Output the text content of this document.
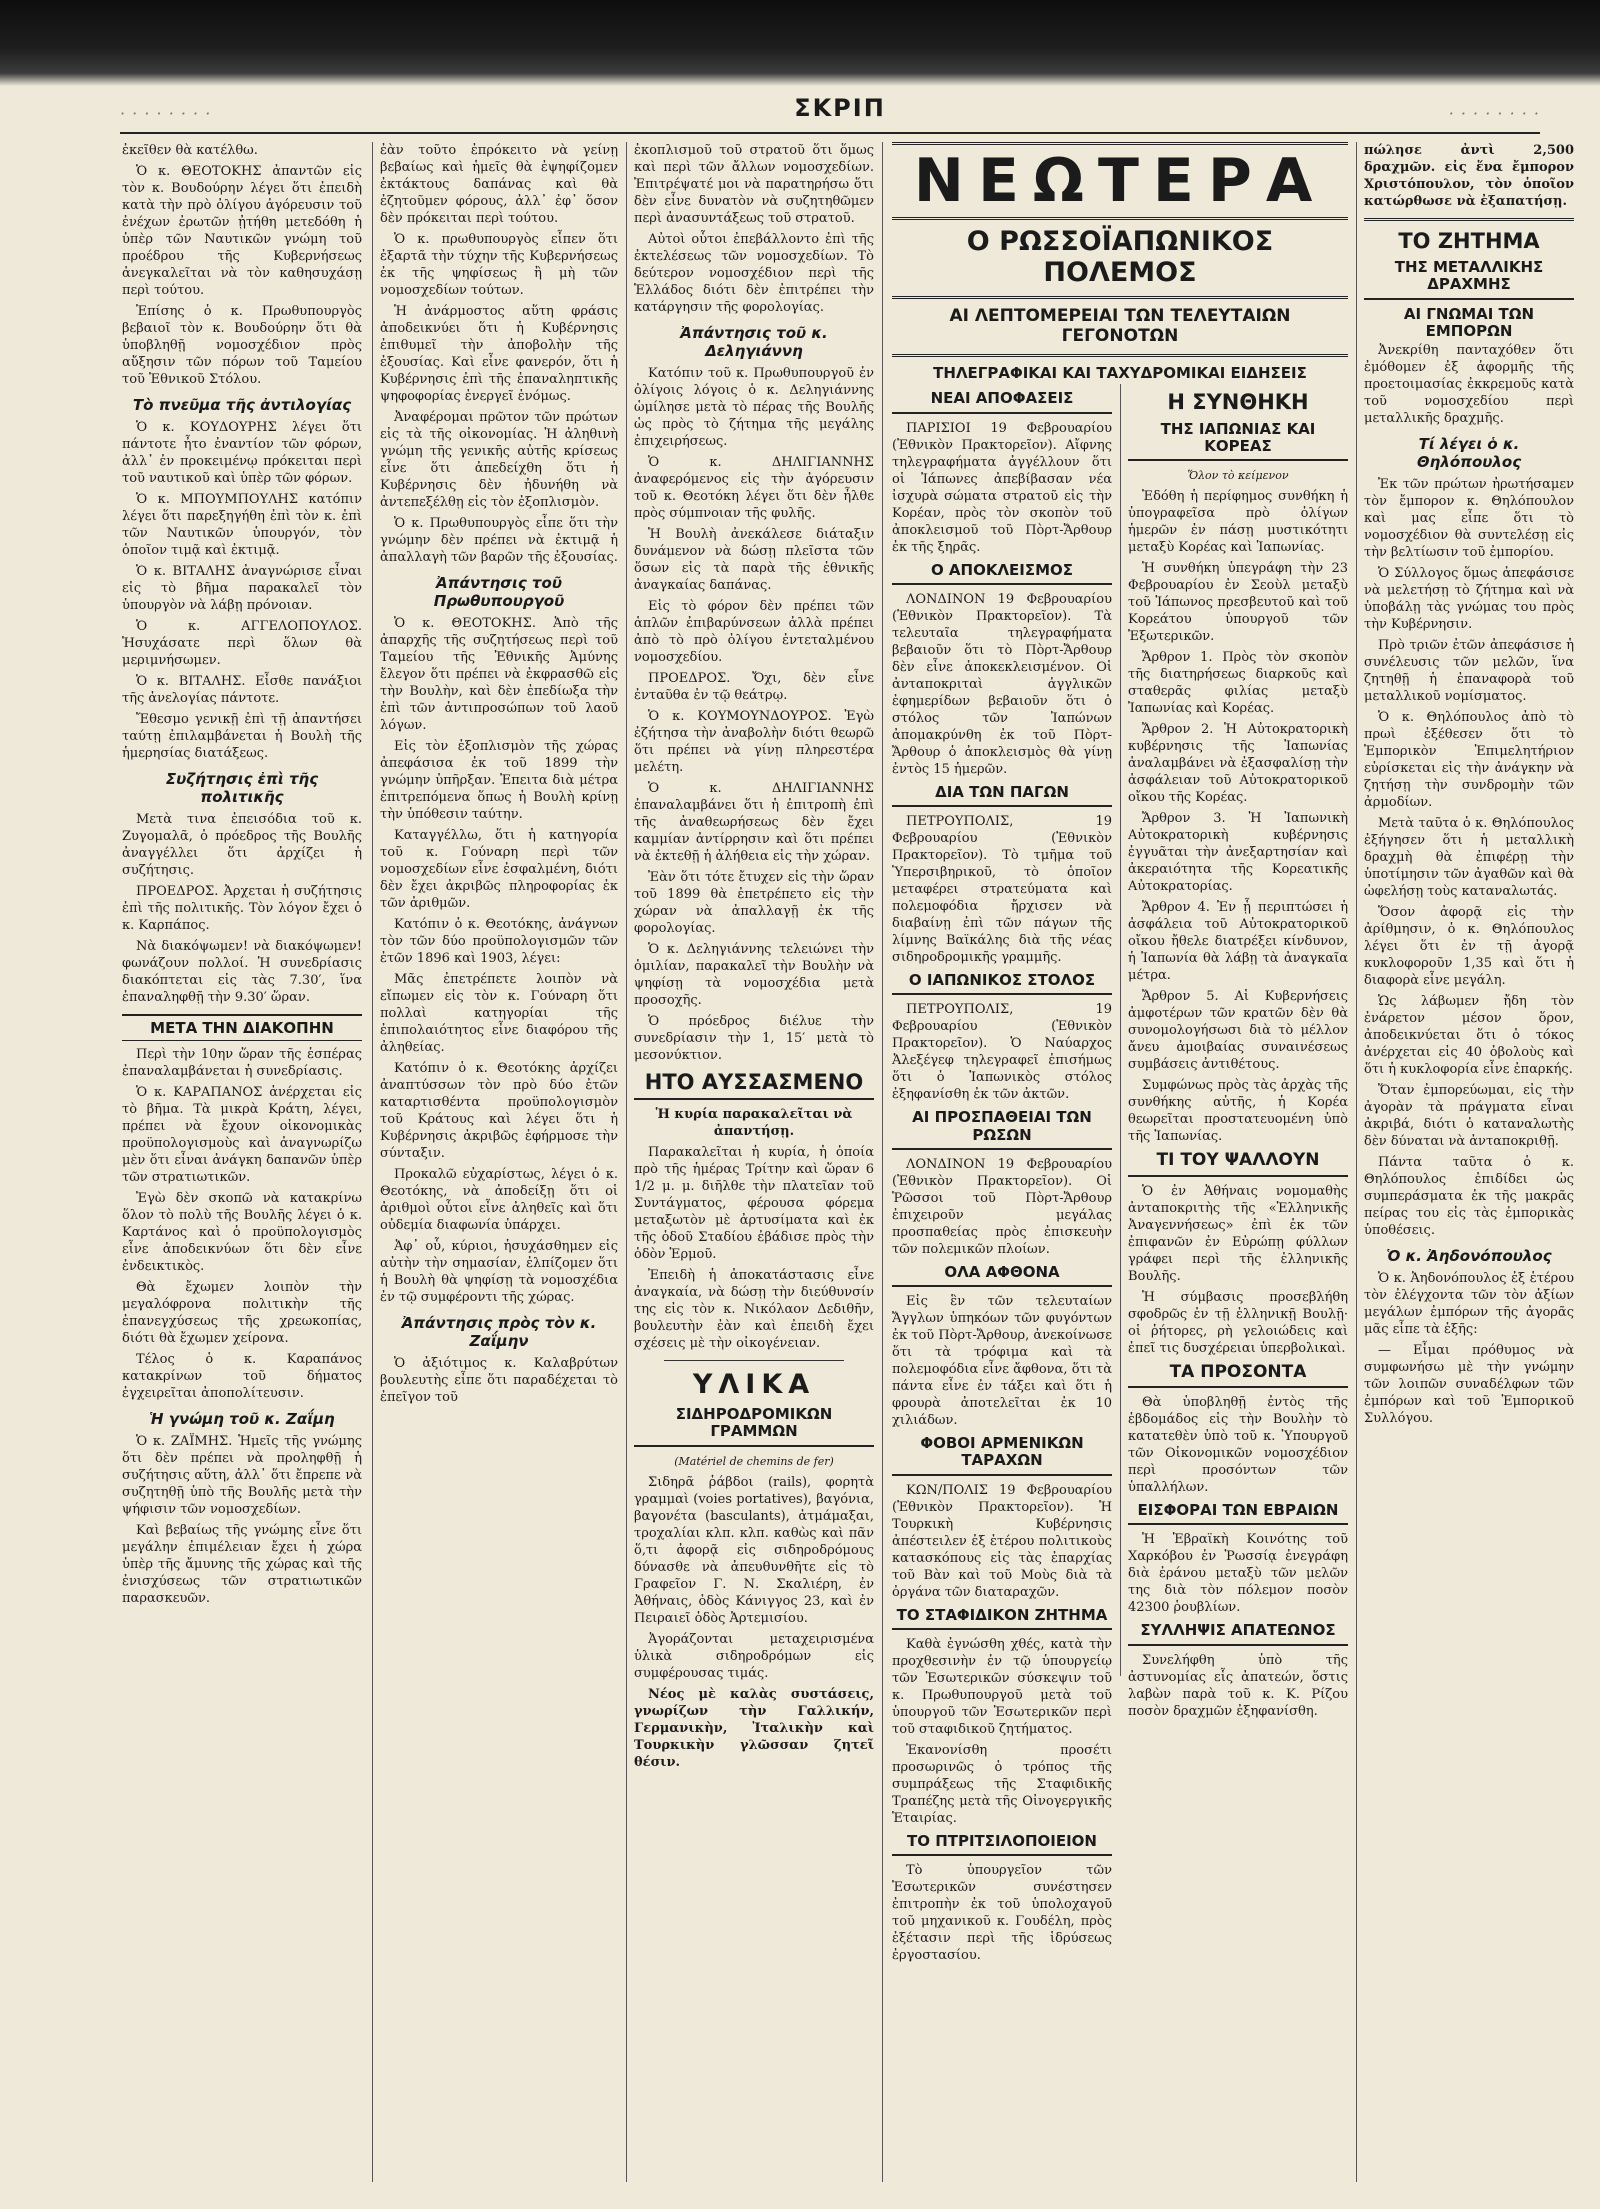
· · · · · · · ·	ΣΚΡΙΠ	· · · · · · · ·

ἐκεῖθεν θὰ κατέλθω.

Ὁ κ. ΘΕΟΤΟΚΗΣ ἀπαντῶν εἰς τὸν κ. Βουδούρην λέγει ὅτι ἐπειδὴ κατὰ τὴν πρὸ ὀλίγου ἀγόρευσιν τοῦ ἐνέχων ἐρωτῶν ᾐτήθη μετεδόθη ἡ ὑπὲρ τῶν Ναυτικῶν γνώμη τοῦ προέδρου τῆς Κυβερνήσεως ἀνεγκαλεῖται νὰ τὸν καθησυχάσῃ περὶ τούτου.

Ἐπίσης ὁ κ. Πρωθυπουργὸς βεβαιοῖ τὸν κ. Βουδούρην ὅτι θὰ ὑποβληθῇ νομοσχέδιον πρὸς αὔξησιν τῶν πόρων τοῦ Ταμείου τοῦ Ἐθνικοῦ Στόλου.

Τὸ πνεῦμα τῆς ἀντιλογίας

Ὁ κ. ΚΟΥΔΟΥΡΗΣ λέγει ὅτι πάντοτε ἦτο ἐναντίον τῶν φόρων, ἀλλ᾽ ἐν προκειμένῳ πρόκειται περὶ τοῦ ναυτικοῦ καὶ ὑπὲρ τῶν φόρων.

Ὁ κ. ΜΠΟΥΜΠΟΥΛΗΣ κατόπιν λέγει ὅτι παρεξηγήθη ἐπὶ τὸν κ. ἐπὶ τῶν Ναυτικῶν ὑπουργόν, τὸν ὁποῖον τιμᾷ καὶ ἐκτιμᾷ.

Ὁ κ. ΒΙΤΑΛΗΣ ἀναγνώρισε εἶναι εἰς τὸ βῆμα παρακαλεῖ τὸν ὑπουργὸν νὰ λάβῃ πρόνοιαν.

Ὁ κ. ΑΓΓΕΛΟΠΟΥΛΟΣ. Ἡσυχάσατε περὶ ὅλων θὰ μεριμνήσωμεν.

Ὁ κ. ΒΙΤΑΛΗΣ. Εἶσθε πανάξιοι τῆς ἀνελογίας πάντοτε.

Ἔθεσμο γενικῇ ἐπὶ τῇ ἀπαντήσει ταύτῃ ἐπιλαμβάνεται ἡ Βουλὴ τῆς ἡμερησίας διατάξεως.

Συζήτησις ἐπὶ τῆς πολιτικῆς

Μετὰ τινα ἐπεισόδια τοῦ κ. Ζυγομαλᾶ, ὁ πρόεδρος τῆς Βουλῆς ἀναγγέλλει ὅτι ἀρχίζει ἡ συζήτησις.

ΠΡΟΕΔΡΟΣ. Ἀρχεται ἡ συζήτησις ἐπὶ τῆς πολιτικῆς. Τὸν λόγον ἔχει ὁ κ. Καρπάπος.

Νὰ διακόψωμεν! νὰ διακόψωμεν! φωνάζουν πολλοί. Ἡ συνεδρίασις διακόπτεται εἰς τὰς 7.30′, ἵνα ἐπαναληφθῇ τὴν 9.30′ ὥραν.

ΜΕΤΑ ΤΗΝ ΔΙΑΚΟΠΗΝ

Περὶ τὴν 10ην ὥραν τῆς ἑσπέρας ἐπαναλαμβάνεται ἡ συνεδρίασις.

Ὁ κ. ΚΑΡΑΠΑΝΟΣ ἀνέρχεται εἰς τὸ βῆμα. Τὰ μικρὰ Κράτη, λέγει, πρέπει νὰ ἔχουν οἰκονομικὰς προϋπολογισμοὺς καὶ ἀναγνωρίζω μὲν ὅτι εἶναι ἀνάγκη δαπανῶν ὑπὲρ τῶν στρατιωτικῶν.

Ἐγὼ δὲν σκοπῶ νὰ κατακρίνω ὅλον τὸ πολὺ τῆς Βουλῆς λέγει ὁ κ. Καρτάνος καὶ ὁ προϋπολογισμὸς εἶνε ἀποδεικνύων ὅτι δὲν εἶνε ἐνδεικτικὸς.

Θὰ ἔχωμεν λοιπὸν τὴν μεγαλόφρονα πολιτικὴν τῆς ἐπανεγχύσεως τῆς χρεωκοπίας, διότι θὰ ἔχωμεν χείρονα.

Τέλος ὁ κ. Καραπάνος κατακρίνων τοῦ δήματος ἐγχειρεῖται ἀποπολίτευσιν.

Ἡ γνώμη τοῦ κ. Ζαΐμη

Ὁ κ. ΖΑΪΜΗΣ. Ἡμεῖς τῆς γνώμης ὅτι δὲν πρέπει νὰ προληφθῇ ἡ συζήτησις αὕτη, ἀλλ᾽ ὅτι ἔπρεπε νὰ συζητηθῇ ὑπὸ τῆς Βουλῆς μετὰ τὴν ψήφισιν τῶν νομοσχεδίων.

Καὶ βεβαίως τῆς γνώμης εἶνε ὅτι μεγάλην ἐπιμέλειαν ἔχει ἡ χώρα ὑπὲρ τῆς ἄμυνης τῆς χώρας καὶ τῆς ἐνισχύσεως τῶν στρατιωτικῶν παρασκευῶν.

ἐὰν τοῦτο ἐπρόκειτο νὰ γείνῃ βεβαίως καὶ ἡμεῖς θὰ ἐψηφίζομεν ἐκτάκτους δαπάνας καὶ θὰ ἐζητοῦμεν φόρους, ἀλλ᾽ ἐφ᾽ ὅσον δὲν πρόκειται περὶ τούτου.

Ὁ κ. πρωθυπουργὸς εἶπεν ὅτι ἐξαρτᾶ τὴν τύχην τῆς Κυβερνήσεως ἐκ τῆς ψηφίσεως ἢ μὴ τῶν νομοσχεδίων τούτων.

Ἡ ἀνάρμοστος αὕτη φράσις ἀποδεικνύει ὅτι ἡ Κυβέρνησις ἐπιθυμεῖ τὴν ἀποβολὴν τῆς ἐξουσίας. Καὶ εἶνε φανερόν, ὅτι ἡ Κυβέρνησις ἐπὶ τῆς ἐπαναληπτικῆς ψηφοφορίας ἐνεργεῖ ἐνόμως.

Ἀναφέρομαι πρῶτον τῶν πρώτων εἰς τὰ τῆς οἰκονομίας. Ἡ ἀληθινὴ γνώμη τῆς γενικῆς αὐτῆς κρίσεως εἶνε ὅτι ἀπεδείχθη ὅτι ἡ Κυβέρνησις δὲν ἠδυνήθη νὰ ἀντεπεξέλθῃ εἰς τὸν ἐξοπλισμὸν.

Ὁ κ. Πρωθυπουργὸς εἶπε ὅτι τὴν γνώμην δὲν πρέπει νὰ ἐκτιμᾷ ἡ ἀπαλλαγὴ τῶν βαρῶν τῆς ἐξουσίας.

Ἀπάντησις τοῦ Πρωθυπουργοῦ

Ὁ κ. ΘΕΟΤΟΚΗΣ. Ἀπὸ τῆς ἀπαρχῆς τῆς συζητήσεως περὶ τοῦ Ταμείου τῆς Ἐθνικῆς Ἀμύνης ἔλεγον ὅτι πρέπει νὰ ἐκφρασθῶ εἰς τὴν Βουλὴν, καὶ δὲν ἐπεδίωξα τὴν ἐπὶ τῶν ἀντιπροσώπων τοῦ λαοῦ λόγων.

Εἰς τὸν ἐξοπλισμὸν τῆς χώρας ἀπεφάσισα ἐκ τοῦ 1899 τὴν γνώμην ὑπῆρξαν. Ἐπειτα διὰ μέτρα ἐπιτρεπόμενα ὅπως ἡ Βουλὴ κρίνῃ τὴν ὑπόθεσιν ταύτην.

Καταγγέλλω, ὅτι ἡ κατηγορία τοῦ κ. Γούναρη περὶ τῶν νομοσχεδίων εἶνε ἐσφαλμένη, διότι δὲν ἔχει ἀκριβῶς πληροφορίας ἐκ τῶν ἀριθμῶν.

Κατόπιν ὁ κ. Θεοτόκης, ἀνάγνων τὸν τῶν δύο προϋπολογισμῶν τῶν ἐτῶν 1896 καὶ 1903, λέγει:

Μᾶς ἐπετρέπετε λοιπὸν νὰ εἴπωμεν εἰς τὸν κ. Γούναρη ὅτι πολλαὶ κατηγορίαι τῆς ἐπιπολαιότητος εἶνε διαφόρου τῆς ἀληθείας.

Κατόπιν ὁ κ. Θεοτόκης ἀρχίζει ἀναπτύσσων τὸν πρὸ δύο ἐτῶν καταρτισθέντα προϋπολογισμὸν τοῦ Κράτους καὶ λέγει ὅτι ἡ Κυβέρνησις ἀκριβῶς ἐφήρμοσε τὴν σύνταξιν.

Προκαλῶ εὐχαρίστως, λέγει ὁ κ. Θεοτόκης, νὰ ἀποδείξῃ ὅτι οἱ ἀριθμοὶ οὗτοι εἶνε ἀληθεῖς καὶ ὅτι οὐδεμία διαφωνία ὑπάρχει.

Ἀφ᾽ οὗ, κύριοι, ἡσυχάσθημεν εἰς αὐτὴν τὴν σημασίαν, ἐλπίζομεν ὅτι ἡ Βουλὴ θὰ ψηφίσῃ τὰ νομοσχέδια ἐν τῷ συμφέροντι τῆς χώρας.

Ἀπάντησις πρὸς τὸν κ. Ζαΐμην

Ὁ ἀξιότιμος κ. Καλαβρύτων βουλευτὴς εἶπε ὅτι παραδέχεται τὸ ἐπεῖγον τοῦ

ἐκοπλισμοῦ τοῦ στρατοῦ ὅτι ὅμως καὶ περὶ τῶν ἄλλων νομοσχεδίων. Ἐπιτρέψατέ μοι νὰ παρατηρήσω ὅτι δὲν εἶνε δυνατὸν νὰ συζητηθῶμεν περὶ ἀνασυντάξεως τοῦ στρατοῦ.

Αὐτοὶ οὗτοι ἐπεβάλλοντο ἐπὶ τῆς ἐκτελέσεως τῶν νομοσχεδίων. Τὸ δεύτερον νομοσχέδιον περὶ τῆς Ἑλλάδος διότι δὲν ἐπιτρέπει τὴν κατάργησιν τῆς φορολογίας.

Ἀπάντησις τοῦ κ. Δεληγιάννη

Κατόπιν τοῦ κ. Πρωθυπουργοῦ ἐν ὀλίγοις λόγοις ὁ κ. Δεληγιάννης ὡμίλησε μετὰ τὸ πέρας τῆς Βουλῆς ὡς πρὸς τὸ ζήτημα τῆς μεγάλης ἐπιχειρήσεως.

Ὁ κ. ΔΗΛΙΓΙΑΝΝΗΣ ἀναφερόμενος εἰς τὴν ἀγόρευσιν τοῦ κ. Θεοτόκη λέγει ὅτι δὲν ἦλθε πρὸς σύμπνοιαν τῆς φυλῆς.

Ἡ Βουλὴ ἀνεκάλεσε διάταξιν δυνάμενον νὰ δώσῃ πλεῖστα τῶν ὅσων εἰς τὰ παρὰ τῆς ἐθνικῆς ἀναγκαίας δαπάνας.

Εἰς τὸ φόρον δὲν πρέπει τῶν ἁπλῶν ἐπιβαρύνσεων ἀλλὰ πρέπει ἀπὸ τὸ πρὸ ὀλίγου ἐντεταλμένου νομοσχεδίου.

ΠΡΟΕΔΡΟΣ. Ὄχι, δὲν εἶνε ἐνταῦθα ἐν τῷ θεάτρῳ.

Ὁ κ. ΚΟΥΜΟΥΝΔΟΥΡΟΣ. Ἐγὼ ἐζήτησα τὴν ἀναβολὴν διότι θεωρῶ ὅτι πρέπει νὰ γίνῃ πληρεστέρα μελέτη.

Ὁ κ. ΔΗΛΙΓΙΑΝΝΗΣ ἐπαναλαμβάνει ὅτι ἡ ἐπιτροπὴ ἐπὶ τῆς ἀναθεωρήσεως δὲν ἔχει καμμίαν ἀντίρρησιν καὶ ὅτι πρέπει νὰ ἐκτεθῇ ἡ ἀλήθεια εἰς τὴν χώραν.

Ἐὰν ὅτι τότε ἔτυχεν εἰς τὴν ὥραν τοῦ 1899 θὰ ἐπετρέπετο εἰς τὴν χώραν νὰ ἀπαλλαγῇ ἐκ τῆς φορολογίας.

Ὁ κ. Δεληγιάννης τελειώνει τὴν ὁμιλίαν, παρακαλεῖ τὴν Βουλὴν νὰ ψηφίσῃ τὰ νομοσχέδια μετὰ προσοχῆς.

Ὁ πρόεδρος διέλυε τὴν συνεδρίασιν τὴν 1, 15′ μετὰ τὸ μεσονύκτιον.

ΗΤΟ ΑΥΣΣΑΣΜΕΝΟ

Ἡ κυρία παρακαλεῖται νὰ ἀπαντήσῃ.

Παρακαλεῖται ἡ κυρία, ἡ ὁποία πρὸ τῆς ἡμέρας Τρίτην καὶ ὥραν 6 1/2 μ. μ. διῆλθε τὴν πλατεῖαν τοῦ Συντάγματος, φέρουσα φόρεμα μεταξωτὸν μὲ ἀρτυσίματα καὶ ἐκ τῆς ὁδοῦ Σταδίου ἐβάδισε πρὸς τὴν ὁδὸν Ἑρμοῦ.

Ἐπειδὴ ἡ ἀποκατάστασις εἶνε ἀναγκαία, νὰ δώσῃ τὴν διεύθυνσίν της εἰς τὸν κ. Νικόλαον Δεδιθῆν, βουλευτὴν ἐὰν καὶ ἐπειδὴ ἔχει σχέσεις μὲ τὴν οἰκογένειαν.

ΥΛΙΚΑ
ΣΙΔΗΡΟΔΡΟΜΙΚΩΝ ΓΡΑΜΜΩΝ

(Matériel de chemins de fer)

Σιδηρᾶ ῥάβδοι (rails), φορητὰ γραμμαὶ (voies portatives), βαγόνια, βαγονέτα (basculants), ἀτμάμαξαι, τροχαλίαι κλπ. κλπ. καθὼς καὶ πᾶν ὅ,τι ἀφορᾷ εἰς σιδηροδρόμους δύνασθε νὰ ἀπευθυνθῆτε εἰς τὸ Γραφεῖον Γ. Ν. Σκαλιέρη, ἐν Ἀθήναις, ὁδὸς Κάνιγγος 23, καὶ ἐν Πειραιεῖ ὁδὸς Ἀρτεμισίου.

Ἀγοράζονται μεταχειρισμένα ὑλικὰ σιδηροδρόμων εἰς συμφέρουσας τιμάς.

Νέος μὲ καλὰς συστάσεις, γνωρίζων τὴν Γαλλικήν, Γερμανικὴν, Ἰταλικὴν καὶ Τουρκικὴν γλῶσσαν ζητεῖ θέσιν.

ΝΕΩΤΕΡΑ
Ο ΡΩΣΣΟΪΑΠΩΝΙΚΟΣ ΠΟΛΕΜΟΣ
ΑΙ ΛΕΠΤΟΜΕΡΕΙΑΙ ΤΩΝ ΤΕΛΕΥΤΑΙΩΝ ΓΕΓΟΝΟΤΩΝ
ΤΗΛΕΓΡΑΦΙΚΑΙ ΚΑΙ ΤΑΧΥΔΡΟΜΙΚΑΙ ΕΙΔΗΣΕΙΣ
ΝΕΑΙ ΑΠΟΦΑΣΕΙΣ

ΠΑΡΙΣΙΟΙ 19 Φεβρουαρίου (Ἐθνικὸν Πρακτορεῖον). Αἴφνης τηλεγραφήματα ἀγγέλλουν ὅτι οἱ Ἰάπωνες ἀπεβίβασαν νέα ἰσχυρὰ σώματα στρατοῦ εἰς τὴν Κορέαν, πρὸς τὸν σκοπὸν τοῦ ἀποκλεισμοῦ τοῦ Πὸρτ-Ἄρθουρ ἐκ τῆς ξηρᾶς.

Ο ΑΠΟΚΛΕΙΣΜΟΣ

ΛΟΝΔΙΝΟΝ 19 Φεβρουαρίου (Ἐθνικὸν Πρακτορεῖον). Τὰ τελευταῖα τηλεγραφήματα βεβαιοῦν ὅτι τὸ Πὸρτ-Ἄρθουρ δὲν εἶνε ἀποκεκλεισμένον. Οἱ ἀνταποκριταὶ ἀγγλικῶν ἐφημερίδων βεβαιοῦν ὅτι ὁ στόλος τῶν Ἰαπώνων ἀπομακρύνθη ἐκ τοῦ Πὸρτ-Ἄρθουρ ὁ ἀποκλεισμὸς θὰ γίνῃ ἐντὸς 15 ἡμερῶν.

ΔΙΑ ΤΩΝ ΠΑΓΩΝ

ΠΕΤΡΟΥΠΟΛΙΣ, 19 Φεβρουαρίου (Ἐθνικὸν Πρακτορεῖον). Τὸ τμῆμα τοῦ Ὑπερσιβηρικοῦ, τὸ ὁποῖον μεταφέρει στρατεύματα καὶ πολεμοφόδια ἤρχισεν νὰ διαβαίνῃ ἐπὶ τῶν πάγων τῆς λίμνης Βαϊκάλης διὰ τῆς νέας σιδηροδρομικῆς γραμμῆς.

Ο ΙΑΠΩΝΙΚΟΣ ΣΤΟΛΟΣ

ΠΕΤΡΟΥΠΟΛΙΣ, 19 Φεβρουαρίου (Ἐθνικὸν Πρακτορεῖον). Ὁ Ναύαρχος Ἀλεξέγεφ τηλεγραφεῖ ἐπισήμως ὅτι ὁ Ἰαπωνικὸς στόλος ἐξηφανίσθη ἐκ τῶν ἀκτῶν.

ΑΙ ΠΡΟΣΠΑΘΕΙΑΙ ΤΩΝ ΡΩΣΩΝ

ΛΟΝΔΙΝΟΝ 19 Φεβρουαρίου (Ἐθνικὸν Πρακτορεῖον). Οἱ Ῥῶσσοι τοῦ Πὸρτ-Ἄρθουρ ἐπιχειροῦν μεγάλας προσπαθείας πρὸς ἐπισκευὴν τῶν πολεμικῶν πλοίων.

ΟΛΑ ΑΦΘΟΝΑ

Εἰς ἓν τῶν τελευταίων Ἄγγλων ὑπηκόων τῶν φυγόντων ἐκ τοῦ Πὸρτ-Ἄρθουρ, ἀνεκοίνωσε ὅτι τὰ τρόφιμα καὶ τὰ πολεμοφόδια εἶνε ἄφθονα, ὅτι τὰ πάντα εἶνε ἐν τάξει καὶ ὅτι ἡ φρουρὰ ἀποτελεῖται ἐκ 10 χιλιάδων.

ΦΟΒΟΙ ΑΡΜΕΝΙΚΩΝ ΤΑΡΑΧΩΝ

ΚΩΝ/ΠΟΛΙΣ 19 Φεβρουαρίου (Ἐθνικὸν Πρακτορεῖον). Ἡ Τουρκικὴ Κυβέρνησις ἀπέστειλεν ἐξ ἑτέρου πολιτικοὺς κατασκόπους εἰς τὰς ἐπαρχίας τοῦ Βὰν καὶ τοῦ Μοὺς διὰ τὰ ὀργάνα τῶν διαταραχῶν.

ΤΟ ΣΤΑΦΙΔΙΚΟΝ ΖΗΤΗΜΑ

Καθὰ ἐγνώσθη χθές, κατὰ τὴν προχθεσινὴν ἐν τῷ ὑπουργείῳ τῶν Ἐσωτερικῶν σύσκεψιν τοῦ κ. Πρωθυπουργοῦ μετὰ τοῦ ὑπουργοῦ τῶν Ἐσωτερικῶν περὶ τοῦ σταφιδικοῦ ζητήματος.

Ἐκανονίσθη προσέτι προσωρινῶς ὁ τρόπος τῆς συμπράξεως τῆς Σταφιδικῆς Τραπέζης μετὰ τῆς Οἰνογεργικῆς Ἑταιρίας.

ΤΟ ΠΤΡΙΤΣΙΛΟΠΟΙΕΙΟΝ

Τὸ ὑπουργεῖον τῶν Ἐσωτερικῶν συνέστησεν ἐπιτροπὴν ἐκ τοῦ ὑπολοχαγοῦ τοῦ μηχανικοῦ κ. Γουδέλη, πρὸς ἐξέτασιν περὶ τῆς ἱδρύσεως ἐργοστασίου.

Η ΣΥΝΘΗΚΗ
ΤΗΣ ΙΑΠΩΝΙΑΣ ΚΑΙ ΚΟΡΕΑΣ

Ὅλον τὸ κείμενον

Ἐδόθη ἡ περίφημος συνθήκη ἡ ὑπογραφεῖσα πρὸ ὀλίγων ἡμερῶν ἐν πάσῃ μυστικότητι μεταξὺ Κορέας καὶ Ἰαπωνίας.

Ἡ συνθήκη ὑπεγράφη τὴν 23 Φεβρουαρίου ἐν Σεοὺλ μεταξὺ τοῦ Ἰάπωνος πρεσβευτοῦ καὶ τοῦ Κορεάτου ὑπουργοῦ τῶν Ἐξωτερικῶν.

Ἄρθρον 1. Πρὸς τὸν σκοπὸν τῆς διατηρήσεως διαρκοῦς καὶ σταθερᾶς φιλίας μεταξὺ Ἰαπωνίας καὶ Κορέας.

Ἄρθρον 2. Ἡ Αὐτοκρατορικὴ κυβέρνησις τῆς Ἰαπωνίας ἀναλαμβάνει νὰ ἐξασφαλίσῃ τὴν ἀσφάλειαν τοῦ Αὐτοκρατορικοῦ οἴκου τῆς Κορέας.

Ἄρθρον 3. Ἡ Ἰαπωνικὴ Αὐτοκρατορικὴ κυβέρνησις ἐγγυᾶται τὴν ἀνεξαρτησίαν καὶ ἀκεραιότητα τῆς Κορεατικῆς Αὐτοκρατορίας.

Ἄρθρον 4. Ἐν ᾗ περιπτώσει ἡ ἀσφάλεια τοῦ Αὐτοκρατορικοῦ οἴκου ἤθελε διατρέξει κίνδυνον, ἡ Ἰαπωνία θὰ λάβῃ τὰ ἀναγκαῖα μέτρα.

Ἄρθρον 5. Αἱ Κυβερνήσεις ἀμφοτέρων τῶν κρατῶν δὲν θὰ συνομολογήσωσι διὰ τὸ μέλλον ἄνευ ἀμοιβαίας συναινέσεως συμβάσεις ἀντιθέτους.

Συμφώνως πρὸς τὰς ἀρχὰς τῆς συνθήκης αὐτῆς, ἡ Κορέα θεωρεῖται προστατευομένη ὑπὸ τῆς Ἰαπωνίας.

ΤΙ ΤΟΥ ΨΑΛΛΟΥΝ

Ὁ ἐν Ἀθήναις νομομαθὴς ἀνταποκριτὴς τῆς «Ἑλληνικῆς Ἀναγεννήσεως» ἐπὶ ἐκ τῶν ἐπιφανῶν ἐν Εὐρώπῃ φύλλων γράφει περὶ τῆς ἑλληνικῆς Βουλῆς.

Ἡ σύμβασις προσεβλήθη σφοδρῶς ἐν τῇ ἑλληνικῇ Βουλῇ· οἱ ῥήτορες, ρὴ γελοιώδεις καὶ ἐπεῖ τις δυσχέρειαι ὑπερβολικαὶ.

ΤΑ ΠΡΟΣΟΝΤΑ

Θὰ ὑποβληθῇ ἐντὸς τῆς ἑβδομάδος εἰς τὴν Βουλὴν τὸ κατατεθὲν ὑπὸ τοῦ κ. Ὑπουργοῦ τῶν Οἰκονομικῶν νομοσχέδιον περὶ προσόντων τῶν ὑπαλλήλων.

ΕΙΣΦΟΡΑΙ ΤΩΝ ΕΒΡΑΙΩΝ

Ἡ Ἑβραϊκὴ Κοινότης τοῦ Χαρκόβου ἐν Ῥωσσίᾳ ἐνεγράφη διὰ ἐράνου μεταξὺ τῶν μελῶν της διὰ τὸν πόλεμον ποσὸν 42300 ῥουβλίων.

ΣΥΛΛΗΨΙΣ ΑΠΑΤΕΩΝΟΣ

Συνελήφθη ὑπὸ τῆς ἀστυνομίας εἷς ἀπατεών, ὅστις λαβὼν παρὰ τοῦ κ. Κ. Ρίζου ποσὸν δραχμῶν ἐξηφανίσθη.

πώλησε ἀντὶ 2,500 δραχμῶν. εἰς ἕνα ἔμπορον Χριστόπουλον, τὸν ὁποῖον κατώρθωσε νὰ ἐξαπατήσῃ.

ΤΟ ΖΗΤΗΜΑ
ΤΗΣ ΜΕΤΑΛΛΙΚΗΣ ΔΡΑΧΜΗΣ
ΑΙ ΓΝΩΜΑΙ ΤΩΝ ΕΜΠΟΡΩΝ

Ἀνεκρίθη πανταχόθεν ὅτι ἐμόθομεν ἐξ ἀφορμῆς τῆς προετοιμασίας ἐκκρεμοῦς κατὰ τοῦ νομοσχεδίου περὶ μεταλλικῆς δραχμῆς.

Τί λέγει ὁ κ. Θηλόπουλος

Ἐκ τῶν πρώτων ἠρωτήσαμεν τὸν ἔμπορον κ. Θηλόπουλον καὶ μας εἶπε ὅτι τὸ νομοσχέδιον θὰ συντελέσῃ εἰς τὴν βελτίωσιν τοῦ ἐμπορίου.

Ὁ Σύλλογος ὅμως ἀπεφάσισε νὰ μελετήσῃ τὸ ζήτημα καὶ νὰ ὑποβάλῃ τὰς γνώμας του πρὸς τὴν Κυβέρνησιν.

Πρὸ τριῶν ἐτῶν ἀπεφάσισε ἡ συνέλευσις τῶν μελῶν, ἵνα ζητηθῇ ἡ ἐπαναφορὰ τοῦ μεταλλικοῦ νομίσματος.

Ὁ κ. Θηλόπουλος ἀπὸ τὸ πρωὶ ἐξέθεσεν ὅτι τὸ Ἐμπορικὸν Ἐπιμελητήριον εὑρίσκεται εἰς τὴν ἀνάγκην νὰ ζητήσῃ τὴν συνδρομὴν τῶν ἀρμοδίων.

Μετὰ ταῦτα ὁ κ. Θηλόπουλος ἐξήγησεν ὅτι ἡ μεταλλικὴ δραχμὴ θὰ ἐπιφέρῃ τὴν ὑποτίμησιν τῶν ἀγαθῶν καὶ θὰ ὠφελήσῃ τοὺς καταναλωτάς.

Ὅσον ἀφορᾷ εἰς τὴν ἀρίθμησιν, ὁ κ. Θηλόπουλος λέγει ὅτι ἐν τῇ ἀγορᾷ κυκλοφοροῦν 1,35 καὶ ὅτι ἡ διαφορὰ εἶνε μεγάλη.

Ὡς λάβωμεν ἤδη τὸν ἐνάρετον μέσον ὅρον, ἀποδεικνύεται ὅτι ὁ τόκος ἀνέρχεται εἰς 40 ὀβολοὺς καὶ ὅτι ἡ κυκλοφορία εἶνε ἐπαρκής.

Ὅταν ἐμπορεύωμαι, εἰς τὴν ἀγορὰν τὰ πράγματα εἶναι ἀκριβά, διότι ὁ καταναλωτὴς δὲν δύναται νὰ ἀνταποκριθῇ.

Πάντα ταῦτα ὁ κ. Θηλόπουλος ἐπιδίδει ὡς συμπεράσματα ἐκ τῆς μακρᾶς πείρας του εἰς τὰς ἐμπορικὰς ὑποθέσεις.

Ὁ κ. Ἀηδονόπουλος

Ὁ κ. Ἀηδονόπουλος ἐξ ἑτέρου τὸν ἐλέγχοντα τῶν τὸν ἀξίων μεγάλων ἐμπόρων τῆς ἀγορᾶς μᾶς εἶπε τὰ ἑξῆς:

— Εἶμαι πρόθυμος νὰ συμφωνήσω μὲ τὴν γνώμην τῶν λοιπῶν συναδέλφων τῶν ἐμπόρων καὶ τοῦ Ἐμπορικοῦ Συλλόγου.
